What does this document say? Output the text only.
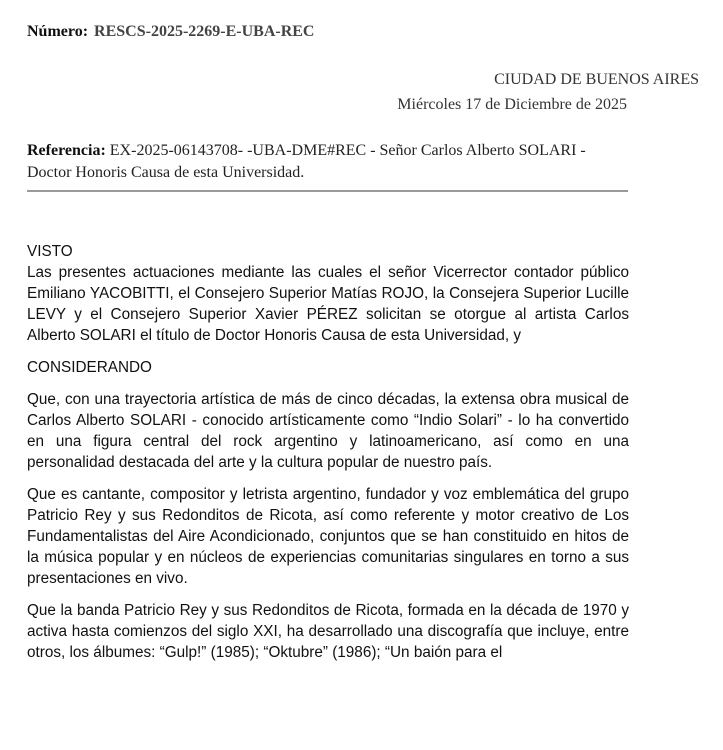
Número: RESCS-2025-2269-E-UBA-REC
CIUDAD DE BUENOS AIRES
Miércoles 17 de Diciembre de 2025
Referencia: EX-2025-06143708- -UBA-DME#REC - Señor Carlos Alberto SOLARI - Doctor Honoris Causa de esta Universidad.
VISTO

Las presentes actuaciones mediante las cuales el señor Vicerrector contador público Emiliano YACOBITTI, el Consejero Superior Matías ROJO, la Consejera Superior Lucille LEVY y el Consejero Superior Xavier PÉREZ solicitan se otorgue al artista Carlos Alberto SOLARI el título de Doctor Honoris Causa de esta Universidad, y

CONSIDERANDO

Que, con una trayectoria artística de más de cinco décadas, la extensa obra musical de Carlos Alberto SOLARI - conocido artísticamente como “Indio Solari” - lo ha convertido en una figura central del rock argentino y latinoamericano, así como en una personalidad destacada del arte y la cultura popular de nuestro país.

Que es cantante, compositor y letrista argentino, fundador y voz emblemática del grupo Patricio Rey y sus Redonditos de Ricota, así como referente y motor creativo de Los Fundamentalistas del Aire Acondicionado, conjuntos que se han constituido en hitos de la música popular y en núcleos de experiencias comunitarias singulares en torno a sus presentaciones en vivo.

Que la banda Patricio Rey y sus Redonditos de Ricota, formada en la década de 1970 y activa hasta comienzos del siglo XXI, ha desarrollado una discografía que incluye, entre otros, los álbumes: “Gulp!” (1985); “Oktubre” (1986); “Un baión para el
